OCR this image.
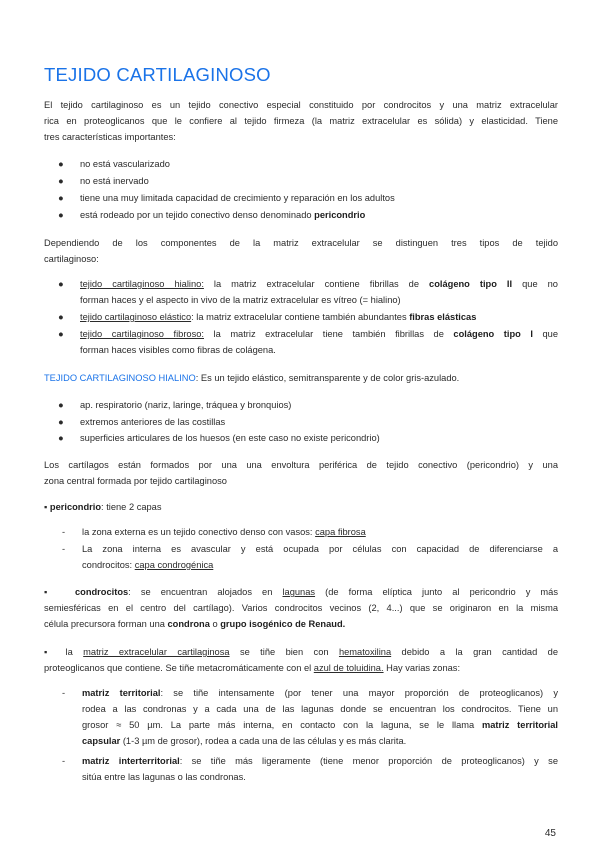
TEJIDO CARTILAGINOSO
El tejido cartilaginoso es un tejido conectivo especial constituido por condrocitos y una matriz extracelular
rica en proteoglicanos que le confiere al tejido firmeza (la matriz extracelular es sólida) y elasticidad. Tiene
tres características importantes:
● no está vascularizado
● no está inervado
● tiene una muy limitada capacidad de crecimiento y reparación en los adultos
● está rodeado por un tejido conectivo denso denominado pericondrio
Dependiendo de los componentes de la matriz extracelular se distinguen tres tipos de tejido
cartilaginoso:
● tejido cartilaginoso hialino: la matriz extracelular contiene fibrillas de colágeno tipo II que no
forman haces y el aspecto in vivo de la matriz extracelular es vítreo (= hialino)
● tejido cartilaginoso elástico: la matriz extracelular contiene también abundantes fibras elásticas
● tejido cartilaginoso fibroso: la matriz extracelular tiene también fibrillas de colágeno tipo I que
forman haces visibles como fibras de colágena.
TEJIDO CARTILAGINOSO HIALINO: Es un tejido elástico, semitransparente y de color gris-azulado.
● ap. respiratorio (nariz, laringe, tráquea y bronquios)
● extremos anteriores de las costillas
● superficies articulares de los huesos (en este caso no existe pericondrio)
Los cartílagos están formados por una una envoltura periférica de tejido conectivo (pericondrio) y una
zona central formada por tejido cartilaginoso
▪ pericondrio: tiene 2 capas
- la zona externa es un tejido conectivo denso con vasos: capa fibrosa
- La zona interna es avascular y está ocupada por células con capacidad de diferenciarse a
condrocitos: capa condrogénica
▪ condrocitos: se encuentran alojados en lagunas (de forma elíptica junto al pericondrio y más
semiesféricas en el centro del cartílago). Varios condrocitos vecinos (2, 4...) que se originaron en la misma
célula precursora forman una condrona o grupo isogénico de Renaud.
▪ la matriz extracelular cartilaginosa se tiñe bien con hematoxilina debido a la gran cantidad de
proteoglicanos que contiene. Se tiñe metacromáticamente con el azul de toluidina. Hay varias zonas:
- matriz territorial: se tiñe intensamente (por tener una mayor proporción de proteoglicanos) y
rodea a las condronas y a cada una de las lagunas donde se encuentran los condrocitos. Tiene un
grosor ≈ 50 µm. La parte más interna, en contacto con la laguna, se le llama matriz territorial
capsular (1-3 µm de grosor), rodea a cada una de las células y es más clarita.
- matriz interterritorial: se tiñe más ligeramente (tiene menor proporción de proteoglicanos) y se
sitúa entre las lagunas o las condronas.
45
